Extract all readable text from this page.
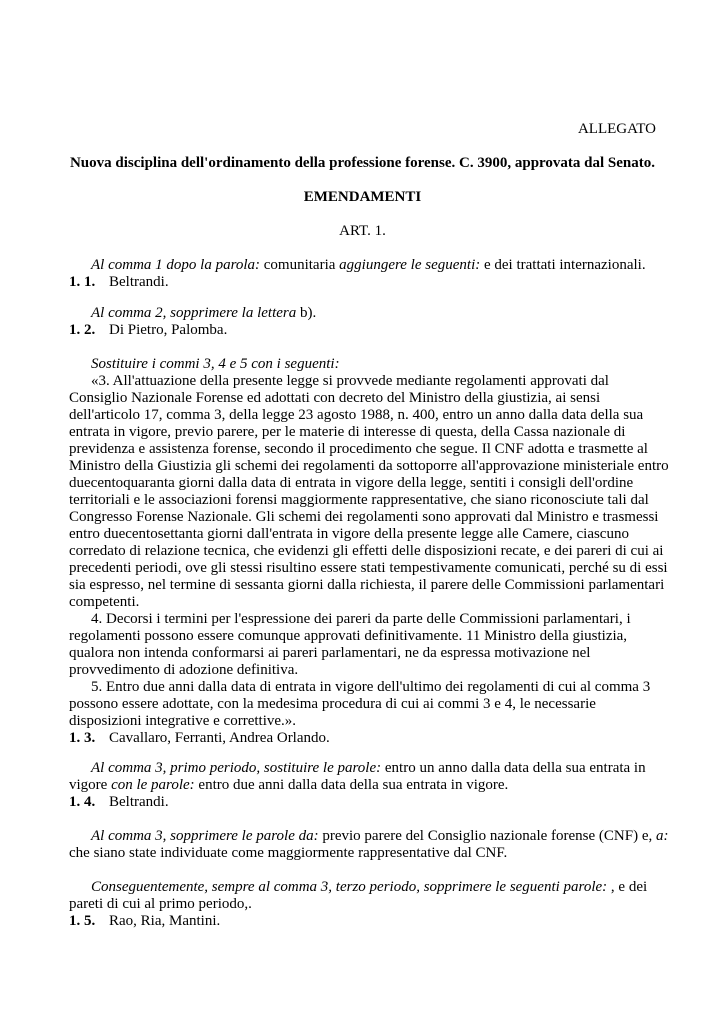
ALLEGATO
Nuova disciplina dell'ordinamento della professione forense. C. 3900, approvata dal Senato.
EMENDAMENTI
ART. 1.
Al comma 1 dopo la parola: comunitaria aggiungere le seguenti: e dei trattati internazionali.
1. 1. Beltrandi.
Al comma 2, sopprimere la lettera b).
1. 2. Di Pietro, Palomba.
Sostituire i commi 3, 4 e 5 con i seguenti:
«3. All'attuazione della presente legge si provvede mediante regolamenti approvati dal
Consiglio Nazionale Forense ed adottati con decreto del Ministro della giustizia, ai sensi
dell'articolo 17, comma 3, della legge 23 agosto 1988, n. 400, entro un anno dalla data della sua
entrata in vigore, previo parere, per le materie di interesse di questa, della Cassa nazionale di
previdenza e assistenza forense, secondo il procedimento che segue. Il CNF adotta e trasmette al
Ministro della Giustizia gli schemi dei regolamenti da sottoporre all'approvazione ministeriale entro
duecentoquaranta giorni dalla data di entrata in vigore della legge, sentiti i consigli dell'ordine
territoriali e le associazioni forensi maggiormente rappresentative, che siano riconosciute tali dal
Congresso Forense Nazionale. Gli schemi dei regolamenti sono approvati dal Ministro e trasmessi
entro duecentosettanta giorni dall'entrata in vigore della presente legge alle Camere, ciascuno
corredato di relazione tecnica, che evidenzi gli effetti delle disposizioni recate, e dei pareri di cui ai
precedenti periodi, ove gli stessi risultino essere stati tempestivamente comunicati, perché su di essi
sia espresso, nel termine di sessanta giorni dalla richiesta, il parere delle Commissioni parlamentari
competenti.
4. Decorsi i termini per l'espressione dei pareri da parte delle Commissioni parlamentari, i
regolamenti possono essere comunque approvati definitivamente. 11 Ministro della giustizia,
qualora non intenda conformarsi ai pareri parlamentari, ne da espressa motivazione nel
provvedimento di adozione definitiva.
5. Entro due anni dalla data di entrata in vigore dell'ultimo dei regolamenti di cui al comma 3
possono essere adottate, con la medesima procedura di cui ai commi 3 e 4, le necessarie
disposizioni integrative e correttive.».
1. 3. Cavallaro, Ferranti, Andrea Orlando.
Al comma 3, primo periodo, sostituire le parole: entro un anno dalla data della sua entrata in
vigore con le parole: entro due anni dalla data della sua entrata in vigore.
1. 4. Beltrandi.
Al comma 3, sopprimere le parole da: previo parere del Consiglio nazionale forense (CNF) e, a:
che siano state individuate come maggiormente rappresentative dal CNF.
Conseguentemente, sempre al comma 3, terzo periodo, sopprimere le seguenti parole: , e dei
pareti di cui al primo periodo,.
1. 5. Rao, Ria, Mantini.
